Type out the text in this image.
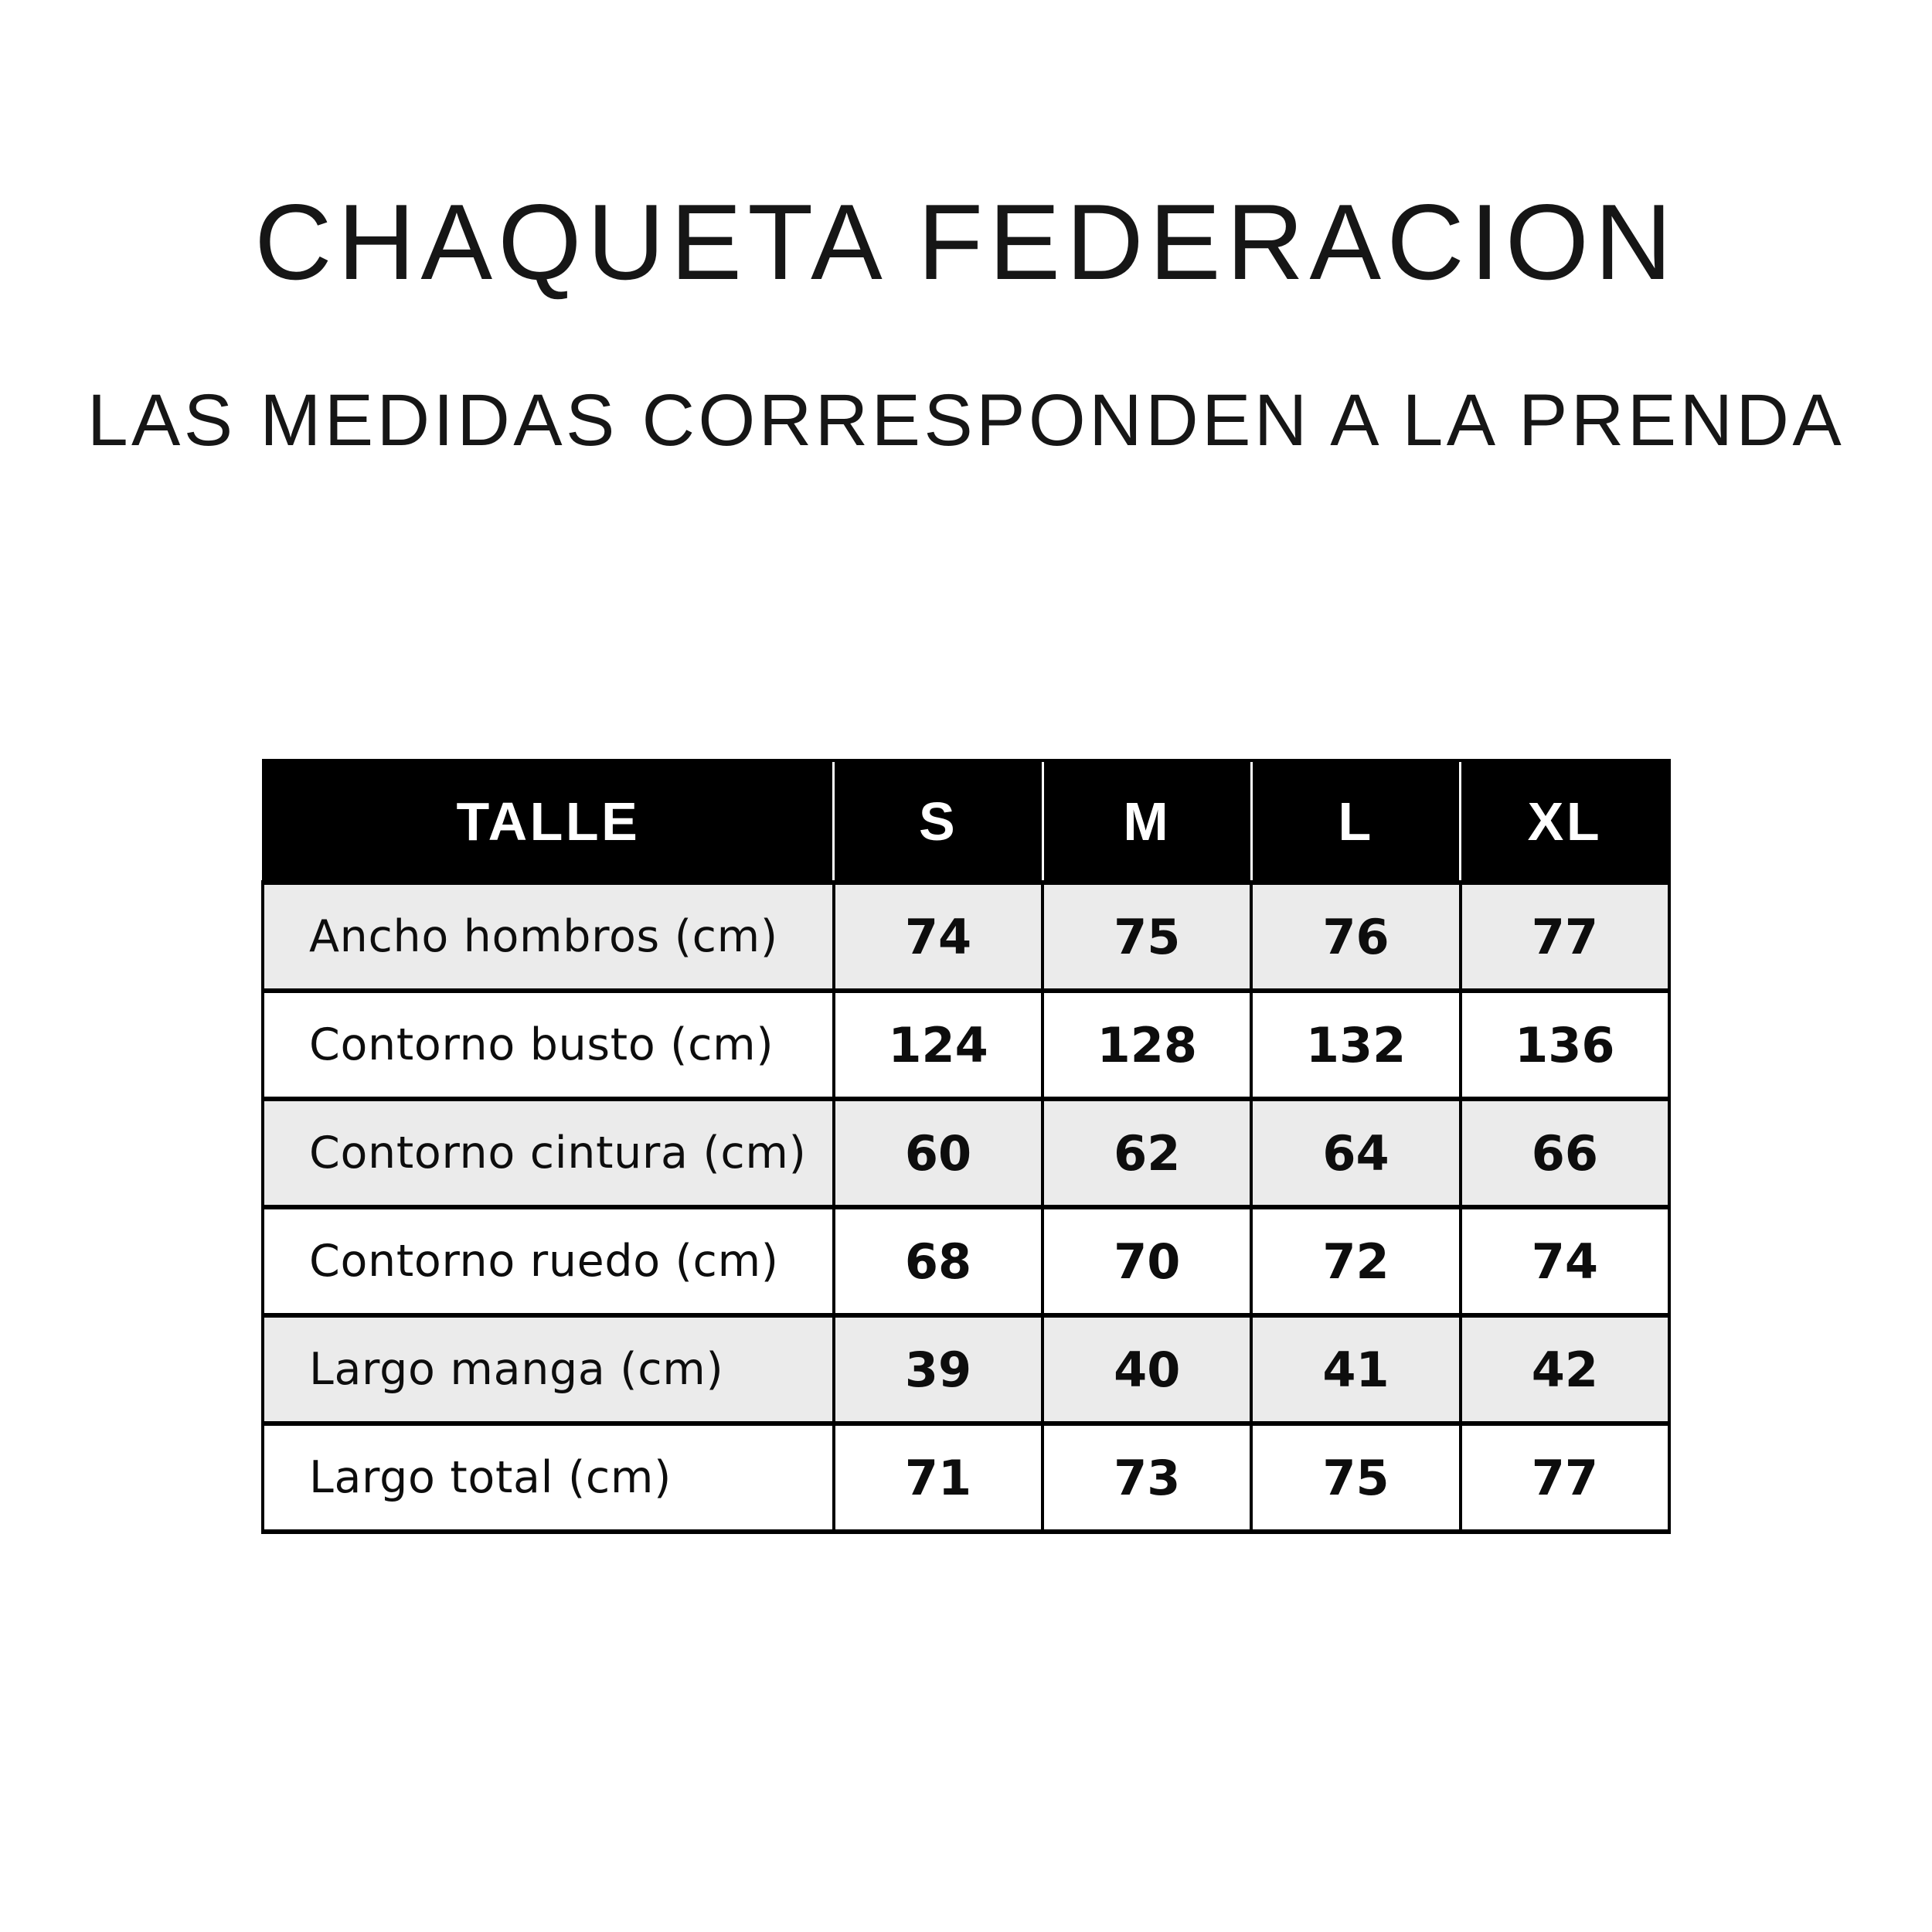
CHAQUETA FEDERACION
LAS MEDIDAS CORRESPONDEN A LA PRENDA
TALLE	S	M	L	XL
Ancho hombros (cm)	74	75	76	77
Contorno busto (cm)	124	128	132	136
Contorno cintura (cm)	60	62	64	66
Contorno ruedo (cm)	68	70	72	74
Largo manga (cm)	39	40	41	42
Largo total (cm)	71	73	75	77
